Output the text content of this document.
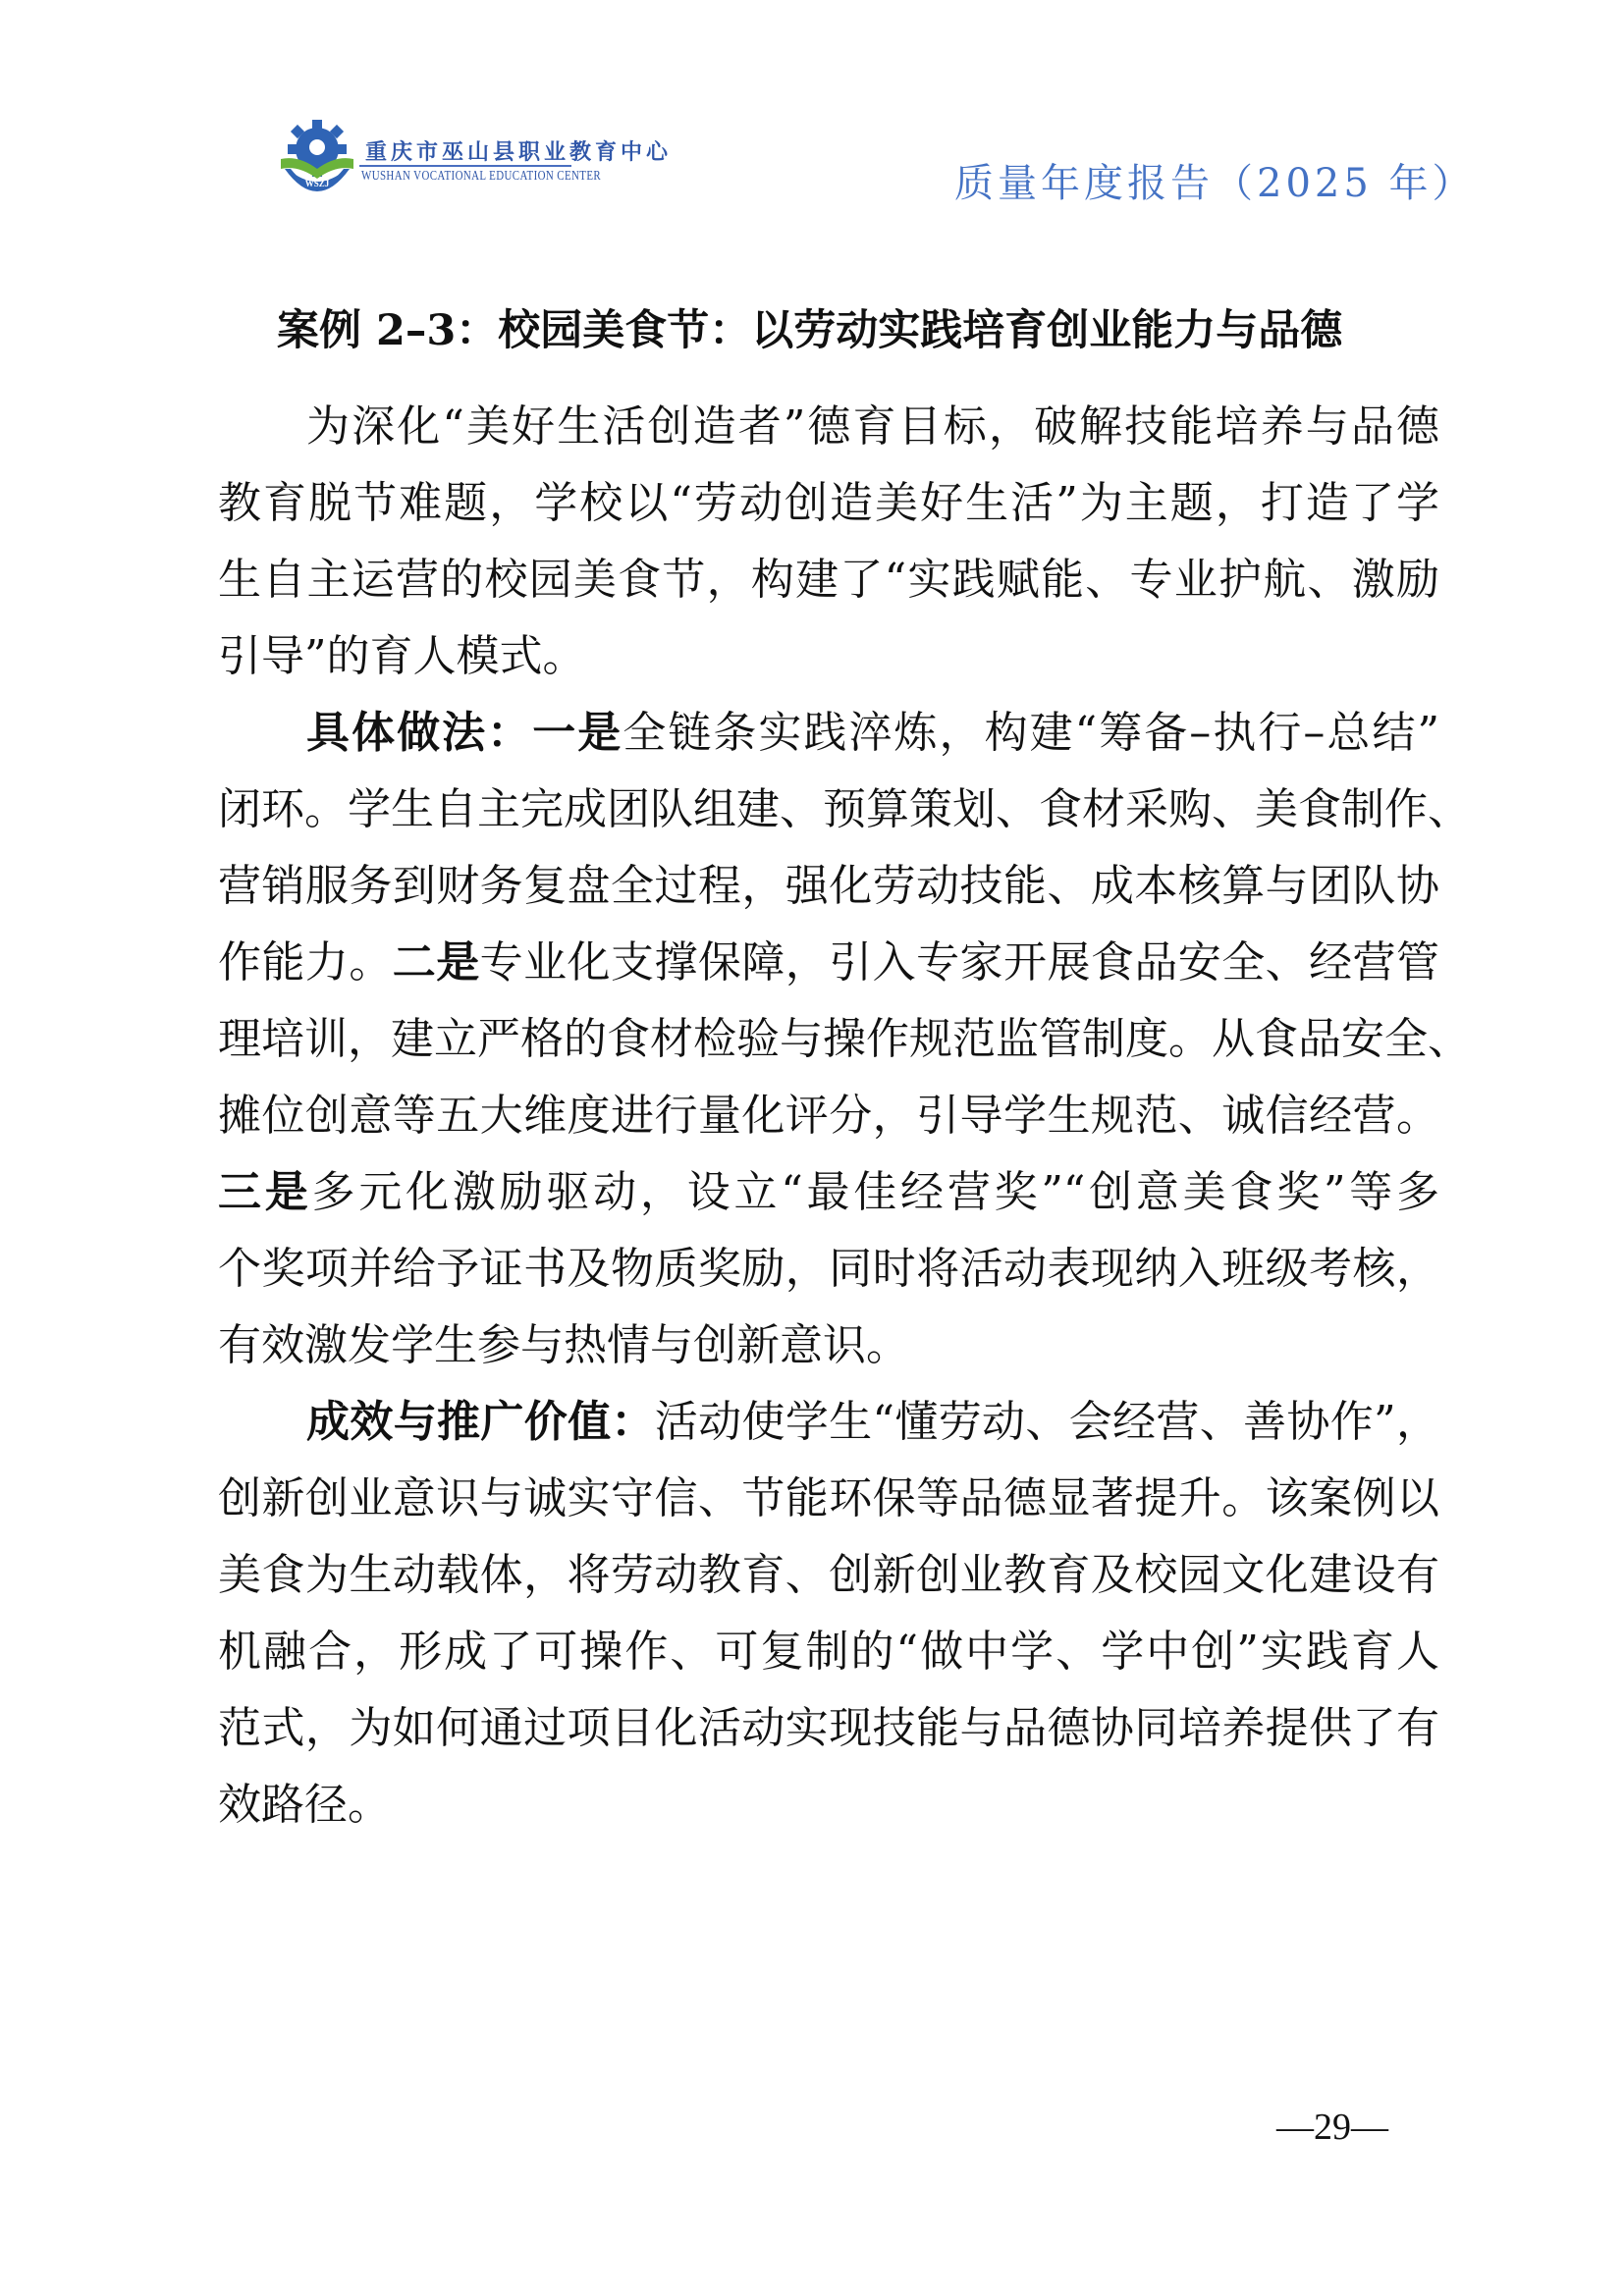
WSZJ
重庆市巫山县职业教育中心
WUSHAN VOCATIONAL EDUCATION CENTER	质量年度报告（2025 年）
案例 2–3：校园美食节：以劳动实践培育创业能力与品德
为深化“美好生活创造者”德育目标，破解技能培养与品德
教育脱节难题，学校以“劳动创造美好生活”为主题，打造了学
生自主运营的校园美食节，构建了“实践赋能、专业护航、激励
引导”的育人模式。
具体做法：一是全链条实践淬炼，构建“筹备–执行–总结”
闭环。学生自主完成团队组建、预算策划、食材采购、美食制作、
营销服务到财务复盘全过程，强化劳动技能、成本核算与团队协
作能力。二是专业化支撑保障，引入专家开展食品安全、经营管
理培训，建立严格的食材检验与操作规范监管制度。从食品安全、
摊位创意等五大维度进行量化评分，引导学生规范、诚信经营。
三是多元化激励驱动，设立“最佳经营奖”“创意美食奖”等多
个奖项并给予证书及物质奖励，同时将活动表现纳入班级考核，
有效激发学生参与热情与创新意识。
成效与推广价值：活动使学生“懂劳动、会经营、善协作”，
创新创业意识与诚实守信、节能环保等品德显著提升。该案例以
美食为生动载体，将劳动教育、创新创业教育及校园文化建设有
机融合，形成了可操作、可复制的“做中学、学中创”实践育人
范式，为如何通过项目化活动实现技能与品德协同培养提供了有
效路径。
—29—
